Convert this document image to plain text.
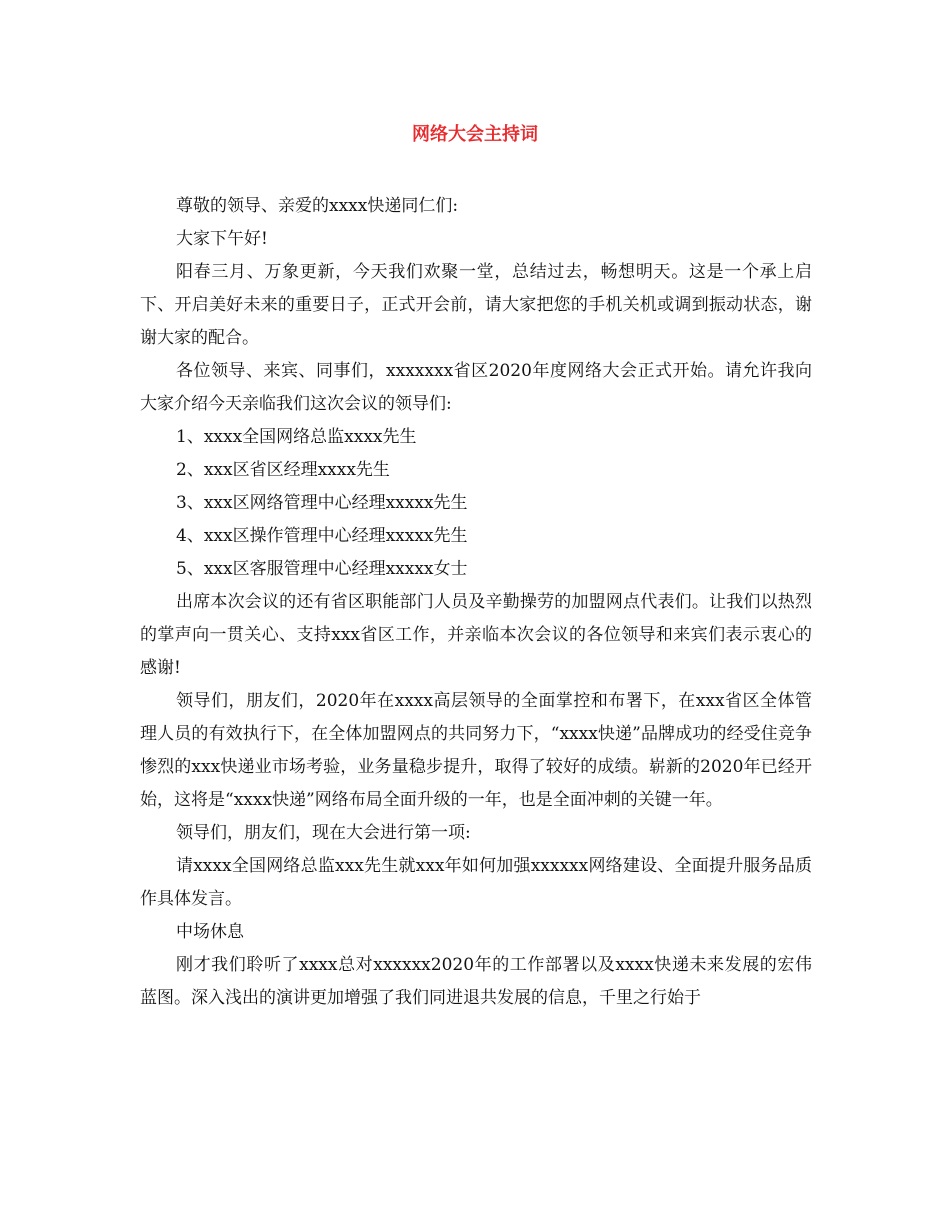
网络大会主持词

尊敬的领导、亲爱的xxxx快递同仁们:

大家下午好!

阳春三月、万象更新，今天我们欢聚一堂，总结过去，畅想明天。这是一个承上启下、开启美好未来的重要日子，正式开会前，请大家把您的手机关机或调到振动状态，谢谢大家的配合。

各位领导、来宾、同事们，xxxxxxx省区2020年度网络大会正式开始。请允许我向大家介绍今天亲临我们这次会议的领导们:

1、xxxx全国网络总监xxxx先生

2、xxx区省区经理xxxx先生

3、xxx区网络管理中心经理xxxxx先生

4、xxx区操作管理中心经理xxxxx先生

5、xxx区客服管理中心经理xxxxx女士

出席本次会议的还有省区职能部门人员及辛勤操劳的加盟网点代表们。让我们以热烈的掌声向一贯关心、支持xxx省区工作，并亲临本次会议的各位领导和来宾们表示衷心的感谢!

领导们，朋友们，2020年在xxxx高层领导的全面掌控和布署下，在xxx省区全体管理人员的有效执行下，在全体加盟网点的共同努力下，“xxxx快递”品牌成功的经受住竞争惨烈的xxx快递业市场考验，业务量稳步提升，取得了较好的成绩。崭新的2020年已经开始，这将是“xxxx快递”网络布局全面升级的一年，也是全面冲刺的关键一年。

领导们，朋友们，现在大会进行第一项:

请xxxx全国网络总监xxx先生就xxx年如何加强xxxxxx网络建设、全面提升服务品质作具体发言。

中场休息

刚才我们聆听了xxxx总对xxxxxx2020年的工作部署以及xxxx快递未来发展的宏伟蓝图。深入浅出的演讲更加增强了我们同进退共发展的信息，千里之行始于
